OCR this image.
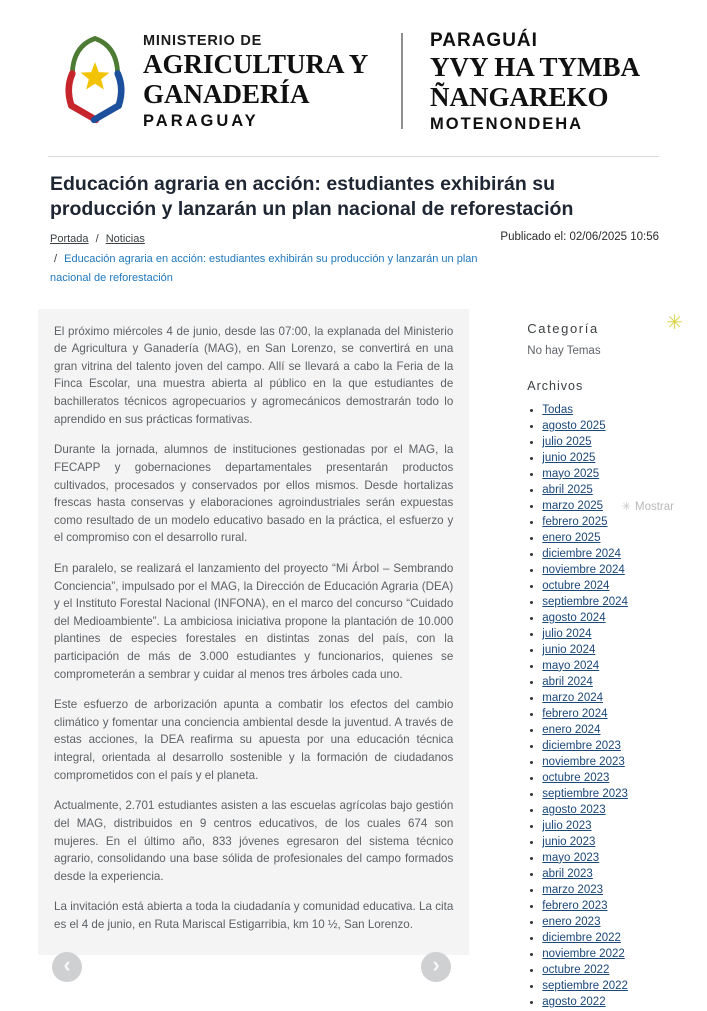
MINISTERIO DE
AGRICULTURA Y
GANADERÍA
PARAGUAY
PARAGUÁI
YVY HA TYMBA
ÑANGAREKO
MOTENONDEHA
Educación agraria en acción: estudiantes exhibirán su producción y lanzarán un plan nacional de reforestación
Portada / Noticias
/ Educación agraria en acción: estudiantes exhibirán su producción y lanzarán un plan nacional de reforestación
Publicado el: 02/06/2025 10:56

El próximo miércoles 4 de junio, desde las 07:00, la explanada del Ministerio de Agricultura y Ganadería (MAG), en San Lorenzo, se convertirá en una gran vitrina del talento joven del campo. Allí se llevará a cabo la Feria de la Finca Escolar, una muestra abierta al público en la que estudiantes de bachilleratos técnicos agropecuarios y agromecánicos demostrarán todo lo aprendido en sus prácticas formativas.

Durante la jornada, alumnos de instituciones gestionadas por el MAG, la FECAPP y gobernaciones departamentales presentarán productos cultivados, procesados y conservados por ellos mismos. Desde hortalizas frescas hasta conservas y elaboraciones agroindustriales serán expuestas como resultado de un modelo educativo basado en la práctica, el esfuerzo y el compromiso con el desarrollo rural.

En paralelo, se realizará el lanzamiento del proyecto “Mi Árbol – Sembrando Conciencia”, impulsado por el MAG, la Dirección de Educación Agraria (DEA) y el Instituto Forestal Nacional (INFONA), en el marco del concurso “Cuidado del Medioambiente”. La ambiciosa iniciativa propone la plantación de 10.000 plantines de especies forestales en distintas zonas del país, con la participación de más de 3.000 estudiantes y funcionarios, quienes se comprometerán a sembrar y cuidar al menos tres árboles cada uno.

Este esfuerzo de arborización apunta a combatir los efectos del cambio climático y fomentar una conciencia ambiental desde la juventud. A través de estas acciones, la DEA reafirma su apuesta por una educación técnica integral, orientada al desarrollo sostenible y la formación de ciudadanos comprometidos con el país y el planeta.

Actualmente, 2.701 estudiantes asisten a las escuelas agrícolas bajo gestión del MAG, distribuidos en 9 centros educativos, de los cuales 674 son mujeres. En el último año, 833 jóvenes egresaron del sistema técnico agrario, consolidando una base sólida de profesionales del campo formados desde la experiencia.

La invitación está abierta a toda la ciudadanía y comunidad educativa. La cita es el 4 de junio, en Ruta Mariscal Estigarribia, km 10 ½, San Lorenzo.

Categoría
No hay Temas
Archivos
• Todas
• agosto 2025
• julio 2025
• junio 2025
• mayo 2025
• abril 2025
• marzo 2025
• febrero 2025
• enero 2025
• diciembre 2024
• noviembre 2024
• octubre 2024
• septiembre 2024
• agosto 2024
• julio 2024
• junio 2024
• mayo 2024
• abril 2024
• marzo 2024
• febrero 2024
• enero 2024
• diciembre 2023
• noviembre 2023
• octubre 2023
• septiembre 2023
• agosto 2023
• julio 2023
• junio 2023
• mayo 2023
• abril 2023
• marzo 2023
• febrero 2023
• enero 2023
• diciembre 2022
• noviembre 2022
• octubre 2022
• septiembre 2022
• agosto 2022
✳
✳ Mostrar
‹	›
